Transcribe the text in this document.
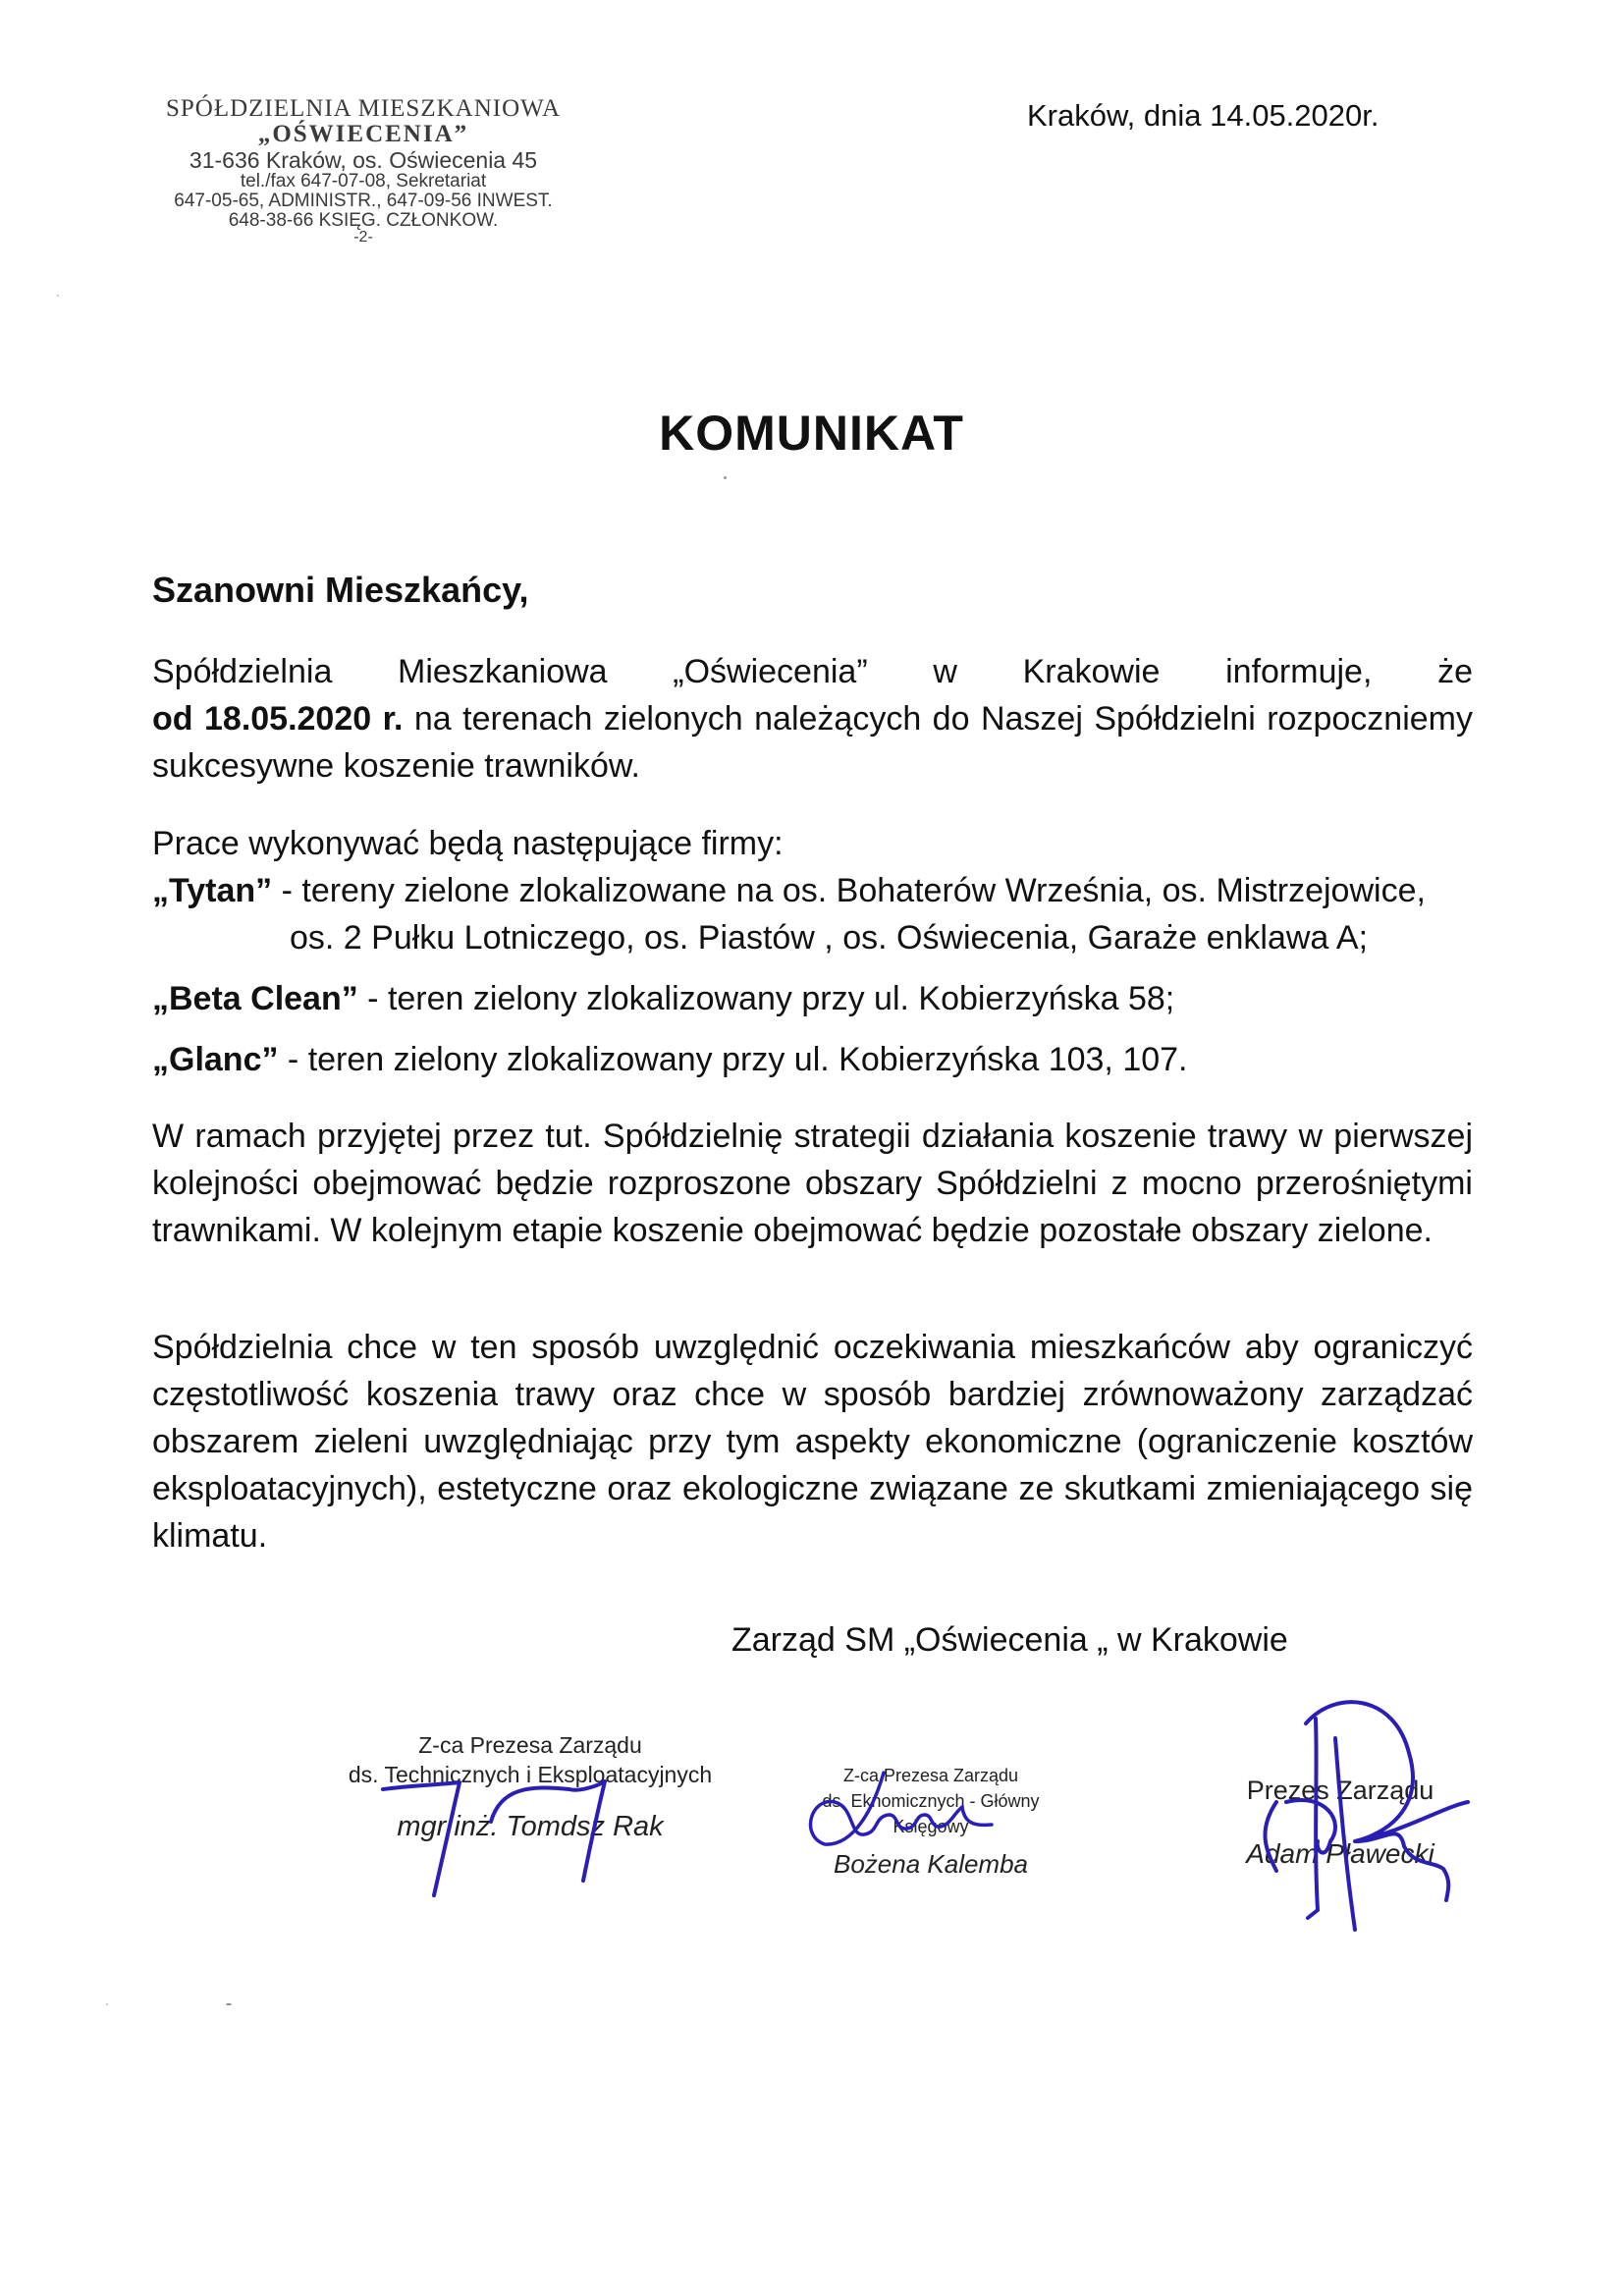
SPÓŁDZIELNIA MIESZKANIOWA
„OŚWIECENIA”
31-636 Kraków, os. Oświecenia 45
tel./fax 647-07-08, Sekretariat
647-05-65, ADMINISTR., 647-09-56 INWEST.
648-38-66 KSIĘG. CZŁONKOW.
-2-
Kraków, dnia 14.05.2020r.
KOMUNIKAT
Szanowni Mieszkańcy,
Spółdzielnia Mieszkaniowa „Oświecenia” w Krakowie informuje, że
od 18.05.2020 r. na terenach zielonych należących do Naszej Spółdzielni rozpoczniemy sukcesywne koszenie trawników.
Prace wykonywać będą następujące firmy:
„Tytan” - tereny zielone zlokalizowane na os. Bohaterów Września, os. Mistrzejowice,
os. 2 Pułku Lotniczego, os. Piastów , os. Oświecenia, Garaże enklawa A;
„Beta Clean” - teren zielony zlokalizowany przy ul. Kobierzyńska 58;
„Glanc” - teren zielony zlokalizowany przy ul. Kobierzyńska 103, 107.
W ramach przyjętej przez tut. Spółdzielnię strategii działania koszenie trawy w pierwszej kolejności obejmować będzie rozproszone obszary Spółdzielni z mocno przerośniętymi trawnikami. W kolejnym etapie koszenie obejmować będzie pozostałe obszary zielone.
Spółdzielnia chce w ten sposób uwzględnić oczekiwania mieszkańców aby ograniczyć częstotliwość koszenia trawy oraz chce w sposób bardziej zrównoważony zarządzać obszarem zieleni uwzględniając przy tym aspekty ekonomiczne (ograniczenie kosztów eksploatacyjnych), estetyczne oraz ekologiczne związane ze skutkami zmieniającego się klimatu.
Zarząd SM „Oświecenia „ w Krakowie
Z-ca Prezesa Zarządu
ds. Technicznych i Eksploatacyjnych
mgr inż. Tomdsz Rak
Z-ca Prezesa Zarządu
ds. Eknomicznych - Główny Księgowy
Bożena Kalemba
Prezes Zarządu
Adam Pławecki
